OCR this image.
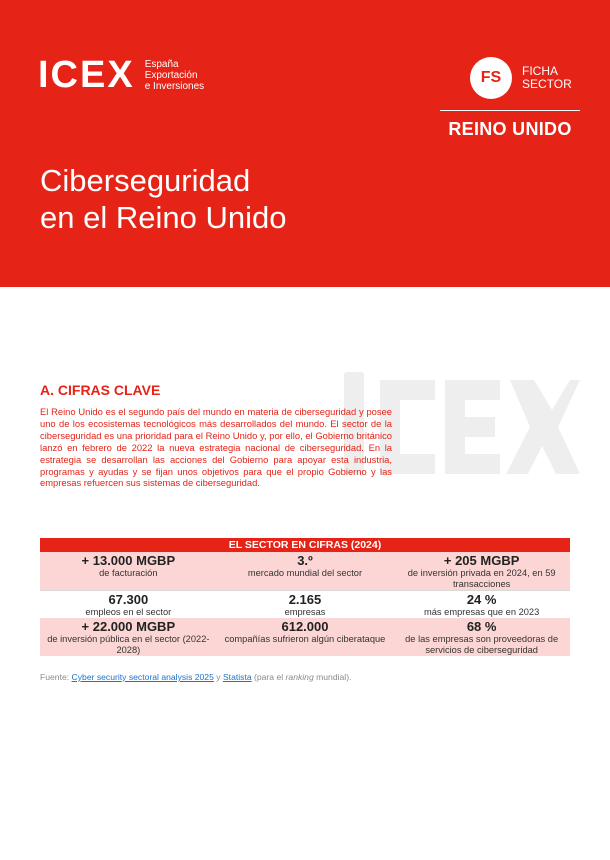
ICEX España
Exportación
e Inversiones	FS	FICHA
SECTOR
REINO UNIDO
Ciberseguridad
en el Reino Unido
A. CIFRAS CLAVE

El Reino Unido es el segundo país del mundo en materia de ciberseguridad y posee uno de los ecosistemas tecnológicos más desarrollados del mundo. El sector de la ciberseguridad es una prioridad para el Reino Unido y, por ello, el Gobierno británico lanzó en febrero de 2022 la nueva estrategia nacional de ciberseguridad. En la estrategia se desarrollan las acciones del Gobierno para apoyar esta industria, programas y ayudas y se fijan unos objetivos para que el propio Gobierno y las empresas refuercen sus sistemas de ciberseguridad.

EL SECTOR EN CIFRAS (2024)
+ 13.000 MGBP
de facturación
3.º
mercado mundial del sector
+ 205 MGBP
de inversión privada en 2024, en 59 transacciones
67.300
empleos en el sector
2.165
empresas
24 %
más empresas que en 2023
+ 22.000 MGBP
de inversión pública en el sector (2022-2028)
612.000
compañías sufrieron algún ciberataque
68 %
de las empresas son proveedoras de servicios de ciberseguridad
Fuente: Cyber security sectoral analysis 2025 y Statista (para el ranking mundial).
